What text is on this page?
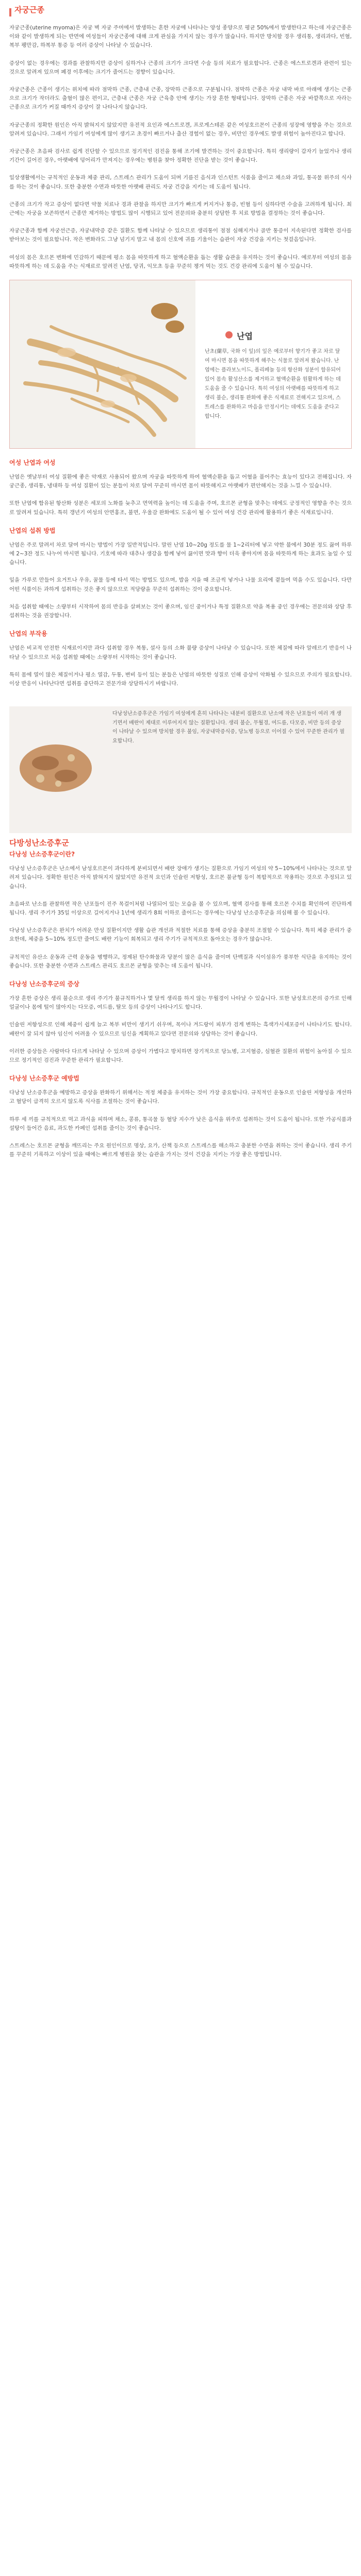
자궁근종

자궁근종(uterine myoma)은 자궁 벽 자궁 주머에서 발생하는 흔한 자궁에 나타나는 양성 종양으로 평균 50%에서 발생한다고 하는데 자궁근종은 이와 같이 발생하게 되는 반면에 여성들이 자궁근종에 대해 크게 관심을 가지지 않는 경우가 많습니다. 하지만 방치할 경우 생리통, 생리과다, 빈혈, 복부 팽만감, 하복부 통증 등 여러 증상이 나타날 수 있습니다.

증상이 없는 경우에는 경과를 관찰하지만 증상이 심하거나 근종의 크기가 크다면 수술 등의 치료가 필요합니다. 근종은 에스트로겐과 관련이 있는 것으로 알려져 있으며 폐경 이후에는 크기가 줄어드는 경향이 있습니다.

자궁근종은 근종이 생기는 위치에 따라 점막하 근종, 근층내 근종, 장막하 근종으로 구분됩니다. 점막하 근종은 자궁 내막 바로 아래에 생기는 근종으로 크기가 작더라도 출혈이 많은 편이고, 근층내 근종은 자궁 근육층 안에 생기는 가장 흔한 형태입니다. 장막하 근종은 자궁 바깥쪽으로 자라는 근종으로 크기가 커질 때까지 증상이 잘 나타나지 않습니다.

자궁근종의 정확한 원인은 아직 밝혀지지 않았지만 유전적 요인과 에스트로겐, 프로게스테론 같은 여성호르몬이 근종의 성장에 영향을 주는 것으로 알려져 있습니다. 그래서 가임기 여성에게 많이 생기고 초경이 빠르거나 출산 경험이 없는 경우, 비만인 경우에도 발생 위험이 높아진다고 합니다.

자궁근종은 초음파 검사로 쉽게 진단할 수 있으므로 정기적인 검진을 통해 조기에 발견하는 것이 중요합니다. 특히 생리량이 갑자기 늘었거나 생리 기간이 길어진 경우, 아랫배에 덩어리가 만져지는 경우에는 병원을 찾아 정확한 진단을 받는 것이 좋습니다.

일상생활에서는 규칙적인 운동과 체중 관리, 스트레스 관리가 도움이 되며 기름진 음식과 인스턴트 식품을 줄이고 채소와 과일, 통곡물 위주의 식사를 하는 것이 좋습니다. 또한 충분한 수면과 따뜻한 아랫배 관리도 자궁 건강을 지키는 데 도움이 됩니다.

근종의 크기가 작고 증상이 없다면 약물 치료나 경과 관찰을 하지만 크기가 빠르게 커지거나 통증, 빈혈 등이 심하다면 수술을 고려하게 됩니다. 최근에는 자궁을 보존하면서 근종만 제거하는 방법도 많이 시행되고 있어 전문의와 충분히 상담한 후 치료 방법을 결정하는 것이 좋습니다.

자궁근종과 함께 자궁선근증, 자궁내막증 같은 질환도 함께 나타날 수 있으므로 생리통이 점점 심해지거나 골반 통증이 지속된다면 정확한 검사를 받아보는 것이 필요합니다. 작은 변화라도 그냥 넘기지 말고 내 몸의 신호에 귀를 기울이는 습관이 자궁 건강을 지키는 첫걸음입니다.

여성의 몸은 호르몬 변화에 민감하기 때문에 평소 몸을 따뜻하게 하고 혈액순환을 돕는 생활 습관을 유지하는 것이 좋습니다. 예로부터 여성의 몸을 따뜻하게 하는 데 도움을 주는 식재료로 알려진 난엽, 당귀, 익모초 등을 꾸준히 챙겨 먹는 것도 건강 관리에 도움이 될 수 있습니다.

난엽
난초(蘭草, 국화 이 잎)의 잎은 예로부터 향기가 좋고 차로 달여 마시면 몸을 따뜻하게 해주는 식물로 알려져 왔습니다. 난엽에는 플라보노이드, 폴리페놀 등의 항산화 성분이 함유되어 있어 몸속 활성산소를 제거하고 혈액순환을 원활하게 하는 데 도움을 줄 수 있습니다. 특히 여성의 아랫배를 따뜻하게 하고 생리 불순, 생리통 완화에 좋은 식재료로 전해지고 있으며, 스트레스를 완화하고 마음을 안정시키는 데에도 도움을 준다고 합니다.
여성 난엽과 여성

난엽은 옛날부터 여성 질환에 좋은 약재로 사용되어 왔으며 자궁을 따뜻하게 하여 혈액순환을 돕고 어혈을 풀어주는 효능이 있다고 전해집니다. 자궁근종, 생리통, 냉대하 등 여성 질환이 있는 분들이 차로 달여 꾸준히 마시면 몸이 따뜻해지고 아랫배가 편안해지는 것을 느낄 수 있습니다.

또한 난엽에 함유된 항산화 성분은 세포의 노화를 늦추고 면역력을 높이는 데 도움을 주며, 호르몬 균형을 맞추는 데에도 긍정적인 영향을 주는 것으로 알려져 있습니다. 특히 갱년기 여성의 안면홍조, 불면, 우울감 완화에도 도움이 될 수 있어 여성 건강 관리에 활용하기 좋은 식재료입니다.

난엽의 섭취 방법

난엽은 주로 말려서 차로 달여 마시는 방법이 가장 일반적입니다. 말린 난엽 10~20g 정도를 물 1~2리터에 넣고 약한 불에서 30분 정도 끓여 하루에 2~3잔 정도 나누어 마시면 됩니다. 기호에 따라 대추나 생강을 함께 넣어 끓이면 맛과 향이 더욱 좋아지며 몸을 따뜻하게 하는 효과도 높일 수 있습니다.

잎을 가루로 만들어 요거트나 우유, 꿀물 등에 타서 먹는 방법도 있으며, 밥을 지을 때 조금씩 넣거나 나물 요리에 곁들여 먹을 수도 있습니다. 다만 어떤 식품이든 과하게 섭취하는 것은 좋지 않으므로 적당량을 꾸준히 섭취하는 것이 중요합니다.

처음 섭취할 때에는 소량부터 시작하여 몸의 반응을 살펴보는 것이 좋으며, 임신 중이거나 특정 질환으로 약을 복용 중인 경우에는 전문의와 상담 후 섭취하는 것을 권장합니다.

난엽의 부작용

난엽은 비교적 안전한 식재료이지만 과다 섭취할 경우 복통, 설사 등의 소화 불량 증상이 나타날 수 있습니다. 또한 체질에 따라 알레르기 반응이 나타날 수 있으므로 처음 섭취할 때에는 소량부터 시작하는 것이 좋습니다.

특히 몸에 열이 많은 체질이거나 평소 열감, 두통, 변비 등이 있는 분들은 난엽의 따뜻한 성질로 인해 증상이 악화될 수 있으므로 주의가 필요합니다. 이상 반응이 나타난다면 섭취를 중단하고 전문가와 상담하시기 바랍니다.

다낭성난소증후군은 가임기 여성에게 흔히 나타나는 내분비 질환으로 난소에 작은 난포들이 여러 개 생기면서 배란이 제대로 이루어지지 않는 질환입니다. 생리 불순, 무월경, 여드름, 다모증, 비만 등의 증상이 나타날 수 있으며 방치할 경우 불임, 자궁내막증식증, 당뇨병 등으로 이어질 수 있어 꾸준한 관리가 필요합니다.
다방성난소증후군
다낭성 난소증후군이란?

다낭성 난소증후군은 난소에서 남성호르몬이 과다하게 분비되면서 배란 장애가 생기는 질환으로 가임기 여성의 약 5~10%에서 나타나는 것으로 알려져 있습니다. 정확한 원인은 아직 밝혀지지 않았지만 유전적 요인과 인슐린 저항성, 호르몬 불균형 등이 복합적으로 작용하는 것으로 추정되고 있습니다.

초음파로 난소를 관찰하면 작은 난포들이 진주 목걸이처럼 나열되어 있는 모습을 볼 수 있으며, 혈액 검사를 통해 호르몬 수치를 확인하여 진단하게 됩니다. 생리 주기가 35일 이상으로 길어지거나 1년에 생리가 8회 이하로 줄어드는 경우에는 다낭성 난소증후군을 의심해 볼 수 있습니다.

다낭성 난소증후군은 완치가 어려운 만성 질환이지만 생활 습관 개선과 적절한 치료를 통해 증상을 충분히 조절할 수 있습니다. 특히 체중 관리가 중요한데, 체중을 5~10% 정도만 줄여도 배란 기능이 회복되고 생리 주기가 규칙적으로 돌아오는 경우가 많습니다.

규칙적인 유산소 운동과 근력 운동을 병행하고, 정제된 탄수화물과 당분이 많은 음식을 줄이며 단백질과 식이섬유가 풍부한 식단을 유지하는 것이 좋습니다. 또한 충분한 수면과 스트레스 관리도 호르몬 균형을 맞추는 데 도움이 됩니다.

다낭성 난소증후군의 증상

가장 흔한 증상은 생리 불순으로 생리 주기가 불규칙하거나 몇 달씩 생리를 하지 않는 무월경이 나타날 수 있습니다. 또한 남성호르몬의 증가로 인해 얼굴이나 몸에 털이 많아지는 다모증, 여드름, 탈모 등의 증상이 나타나기도 합니다.

인슐린 저항성으로 인해 체중이 쉽게 늘고 복부 비만이 생기기 쉬우며, 목이나 겨드랑이 피부가 검게 변하는 흑색가시세포증이 나타나기도 합니다. 배란이 잘 되지 않아 임신이 어려울 수 있으므로 임신을 계획하고 있다면 전문의와 상담하는 것이 좋습니다.

이러한 증상들은 사람마다 다르게 나타날 수 있으며 증상이 가볍다고 방치하면 장기적으로 당뇨병, 고지혈증, 심혈관 질환의 위험이 높아질 수 있으므로 정기적인 검진과 꾸준한 관리가 필요합니다.

다낭성 난소증후군 예방법

다낭성 난소증후군을 예방하고 증상을 완화하기 위해서는 적정 체중을 유지하는 것이 가장 중요합니다. 규칙적인 운동으로 인슐린 저항성을 개선하고 혈당이 급격히 오르지 않도록 식사를 조절하는 것이 좋습니다.

하루 세 끼를 규칙적으로 먹고 과식을 피하며 채소, 콩류, 통곡물 등 혈당 지수가 낮은 음식을 위주로 섭취하는 것이 도움이 됩니다. 또한 가공식품과 설탕이 들어간 음료, 과도한 카페인 섭취를 줄이는 것이 좋습니다.

스트레스는 호르몬 균형을 깨뜨리는 주요 원인이므로 명상, 요가, 산책 등으로 스트레스를 해소하고 충분한 수면을 취하는 것이 좋습니다. 생리 주기를 꾸준히 기록하고 이상이 있을 때에는 빠르게 병원을 찾는 습관을 가지는 것이 건강을 지키는 가장 좋은 방법입니다.
